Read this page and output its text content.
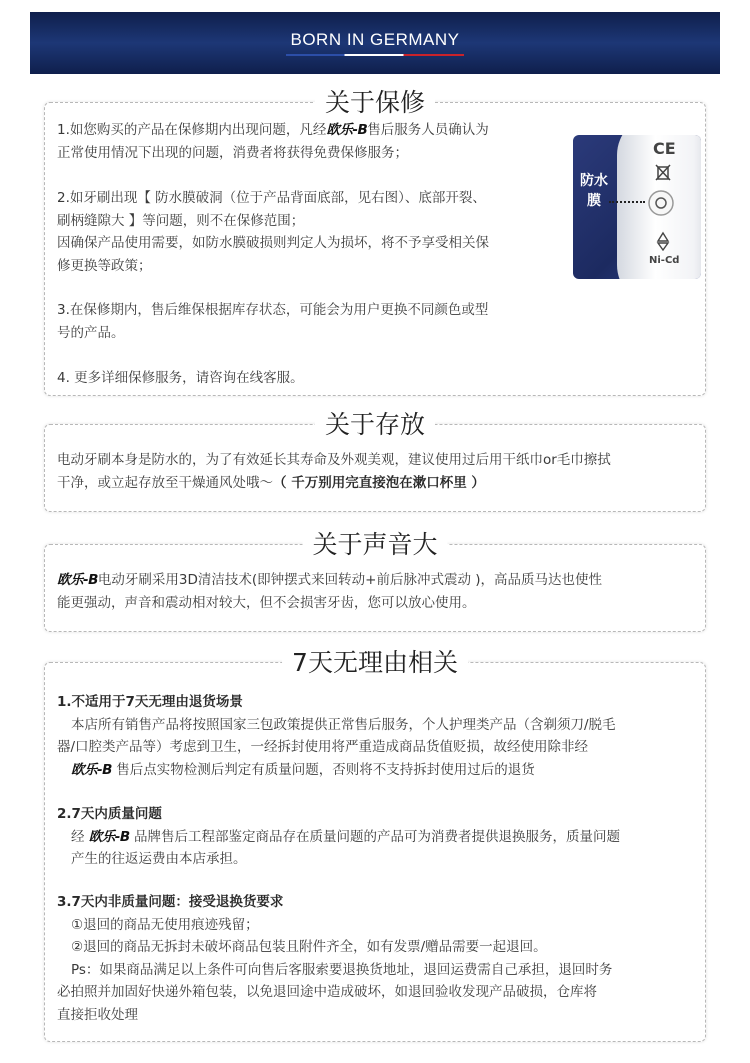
BORN IN GERMANY
关于保修
1.如您购买的产品在保修期内出现问题，凡经欧乐-B售后服务人员确认为
正常使用情况下出现的问题，消费者将获得免费保修服务；
2.如牙刷出现【 防水膜破洞（位于产品背面底部，见右图）、底部开裂、
刷柄缝隙大 】等问题，则不在保修范围；
因确保产品使用需要，如防水膜破损则判定人为损坏，将不予享受相关保
修更换等政策；
3.在保修期内，售后维保根据库存状态，可能会为用户更换不同颜色或型
号的产品。
4. 更多详细保修服务，请咨询在线客服。
防水膜
CE
Ni-Cd
关于存放
电动牙刷本身是防水的，为了有效延长其寿命及外观美观，建议使用过后用干纸巾or毛巾擦拭
干净，或立起存放至干燥通风处哦～（ 千万别用完直接泡在漱口杯里 ）
关于声音大
欧乐-B电动牙刷采用3D清洁技术(即钟摆式来回转动+前后脉冲式震动 )，高品质马达也使性
能更强动，声音和震动相对较大，但不会损害牙齿，您可以放心使用。
7天无理由相关
1.不适用于7天无理由退货场景
本店所有销售产品将按照国家三包政策提供正常售后服务，个人护理类产品（含剃须刀/脱毛
器/口腔类产品等）考虑到卫生，一经拆封使用将严重造成商品货值贬损，故经使用除非经
欧乐-B 售后点实物检测后判定有质量问题，否则将不支持拆封使用过后的退货
2.7天内质量问题
经 欧乐-B 品牌售后工程部鉴定商品存在质量问题的产品可为消费者提供退换服务，质量问题
产生的往返运费由本店承担。
3.7天内非质量问题：接受退换货要求
①退回的商品无使用痕迹残留；
②退回的商品无拆封未破坏商品包装且附件齐全，如有发票/赠品需要一起退回。
Ps：如果商品满足以上条件可向售后客服索要退换货地址，退回运费需自己承担，退回时务
必拍照并加固好快递外箱包装，以免退回途中造成破坏，如退回验收发现产品破损，仓库将
直接拒收处理
